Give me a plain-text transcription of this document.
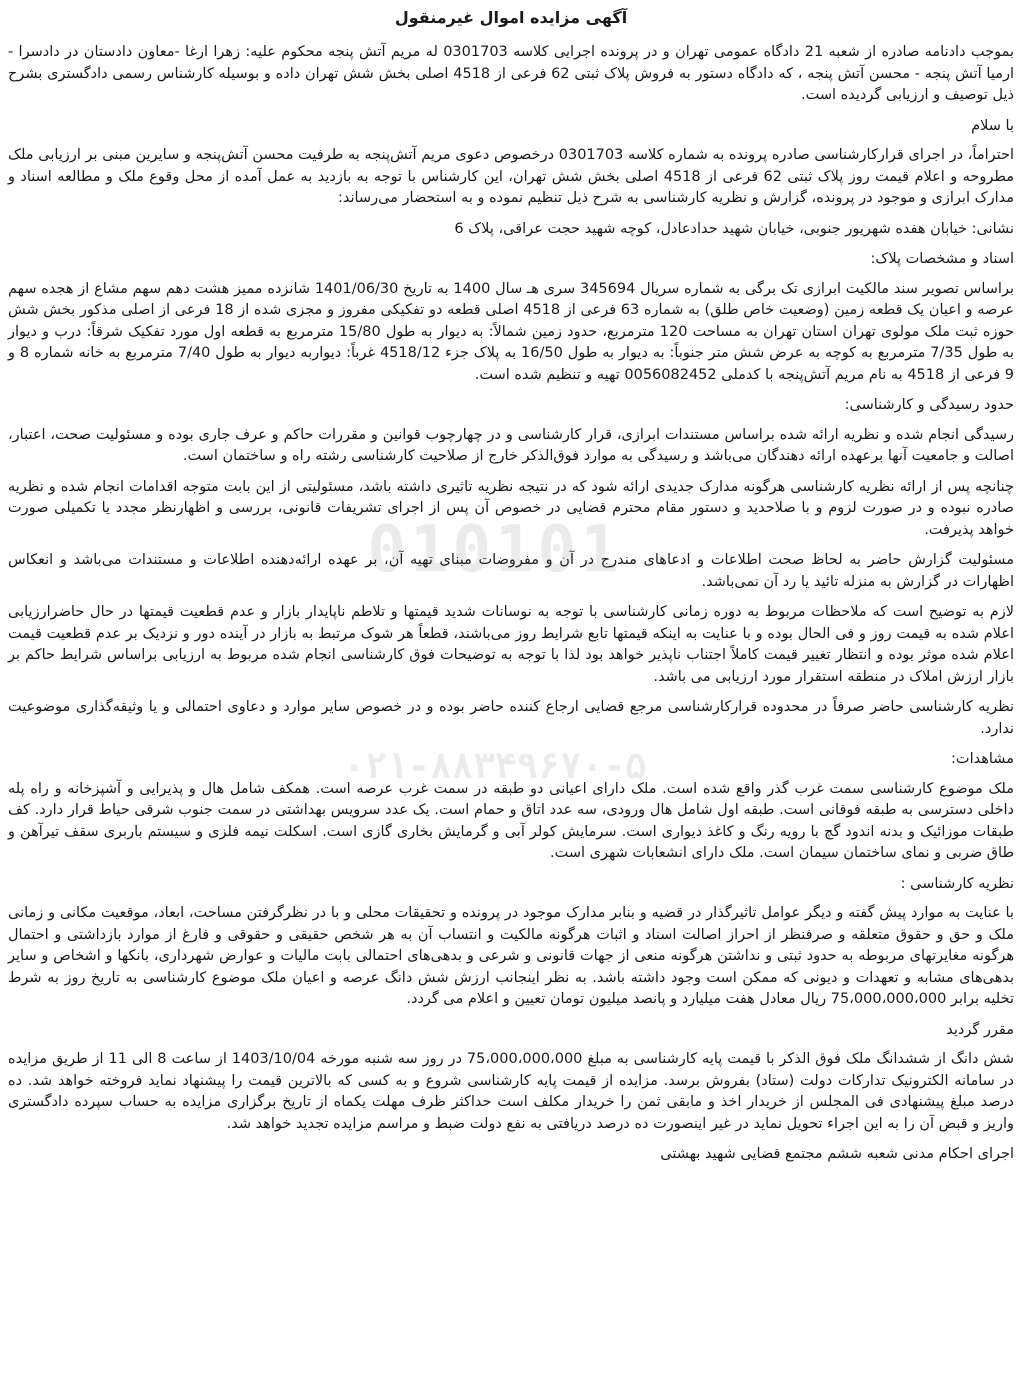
آگهی مزایده اموال غیرمنقول

بموجب دادنامه صادره از شعبه 21 دادگاه عمومی تهران و در پرونده اجرایی کلاسه 0301703 له مریم آتش پنجه محکوم علیه: زهرا ارغا -معاون دادستان در دادسرا - ارمیا آتش پنجه - محسن آتش پنجه ، که دادگاه دستور به فروش پلاک ثبتی 62 فرعی از 4518 اصلی بخش شش تهران داده و بوسیله کارشناس رسمی دادگستری بشرح ذیل توصیف و ارزیابی گردیده است.

با سلام

احتراماً، در اجرای قرارکارشناسی صادره پرونده به شماره کلاسه 0301703 درخصوص دعوی مریم آتش‌پنجه به طرفیت محسن آتش‌پنجه و سایرین مبنی بر ارزیابی ملک مطروحه و اعلام قیمت روز پلاک ثبتی 62 فرعی از 4518 اصلی بخش شش تهران، این کارشناس با توجه به بازدید به عمل آمده از محل وقوع ملک و مطالعه اسناد و مدارک ابرازی و موجود در پرونده، گزارش و نظریه کارشناسی به شرح ذیل تنظیم نموده و به استحضار می‌رساند:

نشانی: خیابان هفده شهریور جنوبی، خیابان شهید حدادعادل، کوچه شهید حجت عراقی، پلاک 6

اسناد و مشخصات پلاک:

براساس تصویر سند مالکیت ابرازی تک برگی به شماره سریال 345694 سری هـ سال 1400 به تاریخ 1401/06/30 شانزده ممیز هشت دهم سهم مشاع از هجده سهم عرصه و اعیان یک قطعه زمین (وضعیت خاص طلق) به شماره 63 فرعی از 4518 اصلی قطعه دو تفکیکی مفروز و مجزی شده از 18 فرعی از اصلی مذکور بخش شش حوزه ثبت ملک مولوی تهران استان تهران به مساحت 120 مترمربع، حدود زمین شمالاً: به دیوار به طول 15/80 مترمربع به قطعه اول مورد تفکیک شرقاً: درب و دیوار به طول 7/35 مترمربع به کوچه به عرض شش متر جنوباً: به دیوار به طول 16/50 به پلاک جزء 4518/12 غرباً: دیواربه دیوار به طول 7/40 مترمربع به خانه شماره 8 و 9 فرعی از 4518 به نام مریم آتش‌پنجه با کدملی 0056082452 تهیه و تنظیم شده است.

حدود رسیدگی و کارشناسی:

رسیدگی انجام شده و نظریه ارائه شده براساس مستندات ابرازی، قرار کارشناسی و در چهارچوب قوانین و مقررات حاکم و عرف جاری بوده و مسئولیت صحت، اعتبار، اصالت و جامعیت آنها برعهده ارائه دهندگان می‌باشد و رسیدگی به موارد فوق‌الذکر خارج از صلاحیت کارشناسی رشته راه و ساختمان است.

چنانچه پس از ارائه نظریه کارشناسی هرگونه مدارک جدیدی ارائه شود که در نتیجه نظریه تاثیری داشته باشد، مسئولیتی از این بابت متوجه اقدامات انجام شده و نظریه صادره نبوده و در صورت لزوم و با صلاحدید و دستور مقام محترم قضایی در خصوص آن پس از اجرای تشریفات قانونی، بررسی و اظهارنظر مجدد یا تکمیلی صورت خواهد پذیرفت.

مسئولیت گزارش حاضر به لحاظ صحت اطلاعات و ادعاهای مندرج در آن و مفروضات مبنای تهیه آن، بر عهده ارائه‌دهنده اطلاعات و مستندات می‌باشد و انعکاس اظهارات در گزارش به منزله تائید یا رد آن نمی‌باشد.

لازم به توضیح است که ملاحظات مربوط به دوره زمانی کارشناسی با توجه به نوسانات شدید قیمتها و تلاطم ناپایدار بازار و عدم قطعیت قیمتها در حال حاضرارزیابی اعلام شده به قیمت روز و فی الحال بوده و با عنایت به اینکه قیمتها تابع شرایط روز می‌باشند، قطعاً هر شوک مرتبط به بازار در آینده دور و نزدیک بر عدم قطعیت قیمت اعلام شده موثر بوده و انتظار تغییر قیمت کاملاً اجتناب ناپذیر خواهد بود لذا با توجه به توضیحات فوق کارشناسی انجام شده مربوط به ارزیابی براساس شرایط حاکم بر بازار ارزش املاک در منطقه استقرار مورد ارزیابی می باشد.

نظریه کارشناسی حاضر صرفاً در محدوده قرارکارشناسی مرجع قضایی ارجاع کننده حاضر بوده و در خصوص سایر موارد و دعاوی احتمالی و یا وثیقه‌گذاری موضوعیت ندارد.

مشاهدات:

ملک موضوع کارشناسی سمت غرب گذر واقع شده است. ملک دارای اعیانی دو طبقه در سمت غرب عرصه است. همکف شامل هال و پذیرایی و آشپزخانه و راه پله داخلی دسترسی به طبقه فوقانی است. طبقه اول شامل هال ورودی، سه عدد اتاق و حمام است. یک عدد سرویس بهداشتی در سمت جنوب شرقی حیاط قرار دارد. کف طبقات موزائیک و بدنه اندود گچ با رویه رنگ و کاغذ دیواری است. سرمایش کولر آبی و گرمایش بخاری گازی است. اسکلت نیمه فلزی و سیستم باربری سقف تیرآهن و طاق ضربی و نمای ساختمان سیمان است. ملک دارای انشعابات شهری است.

نظریه کارشناسی :

با عنایت به موارد پیش گفته و دیگر عوامل تاثیرگذار در قضیه و بنابر مدارک موجود در پرونده و تحقیقات محلی و با در نظرگرفتن مساحت، ابعاد، موقعیت مکانی و زمانی ملک و حق و حقوق متعلقه و صرفنظر از احراز اصالت اسناد و اثبات هرگونه مالکیت و انتساب آن به هر شخص حقیقی و حقوقی و فارغ از موارد بازداشتی و احتمال هرگونه مغایرتهای مربوطه به حدود ثبتی و نداشتن هرگونه منعی از جهات قانونی و شرعی و بدهی‌های احتمالی بابت مالیات و عوارض شهرداری، بانکها و اشخاص و سایر بدهی‌های مشابه و تعهدات و دیونی که ممکن است وجود داشته باشد. به نظر اینجانب ارزش شش دانگ عرصه و اعیان ملک موضوع کارشناسی به تاریخ روز به شرط تخلیه برابر 75،000،000،000 ریال معادل هفت میلیارد و پانصد میلیون تومان تعیین و اعلام می گردد.

مقرر گردید

شش دانگ از ششدانگ ملک فوق الذکر با قیمت پایه کارشناسی به مبلغ 75،000،000،000 در روز سه شنبه مورخه 1403/10/04 از ساعت 8 الی 11 از طریق مزایده در سامانه الکترونیک تدارکات دولت (ستاد) بفروش برسد. مزایده از قیمت پایه کارشناسی شروع و به کسی که بالاترین قیمت را پیشنهاد نماید فروخته خواهد شد. ده درصد مبلغ پیشنهادی فی المجلس از خریدار اخذ و مابقی ثمن را خریدار مکلف است حداکثر ظرف مهلت یکماه از تاریخ برگزاری مزایده به حساب سپرده دادگستری واریز و قبض آن را به این اجراء تحویل نماید در غیر اینصورت ده درصد دریافتی به نفع دولت ضبط و مراسم مزایده تجدید خواهد شد.

اجرای احکام مدنی شعبه ششم مجتمع قضایی شهید بهشتی

010101
۰۲۱-۸۸۳۴۹۶۷۰-۵
